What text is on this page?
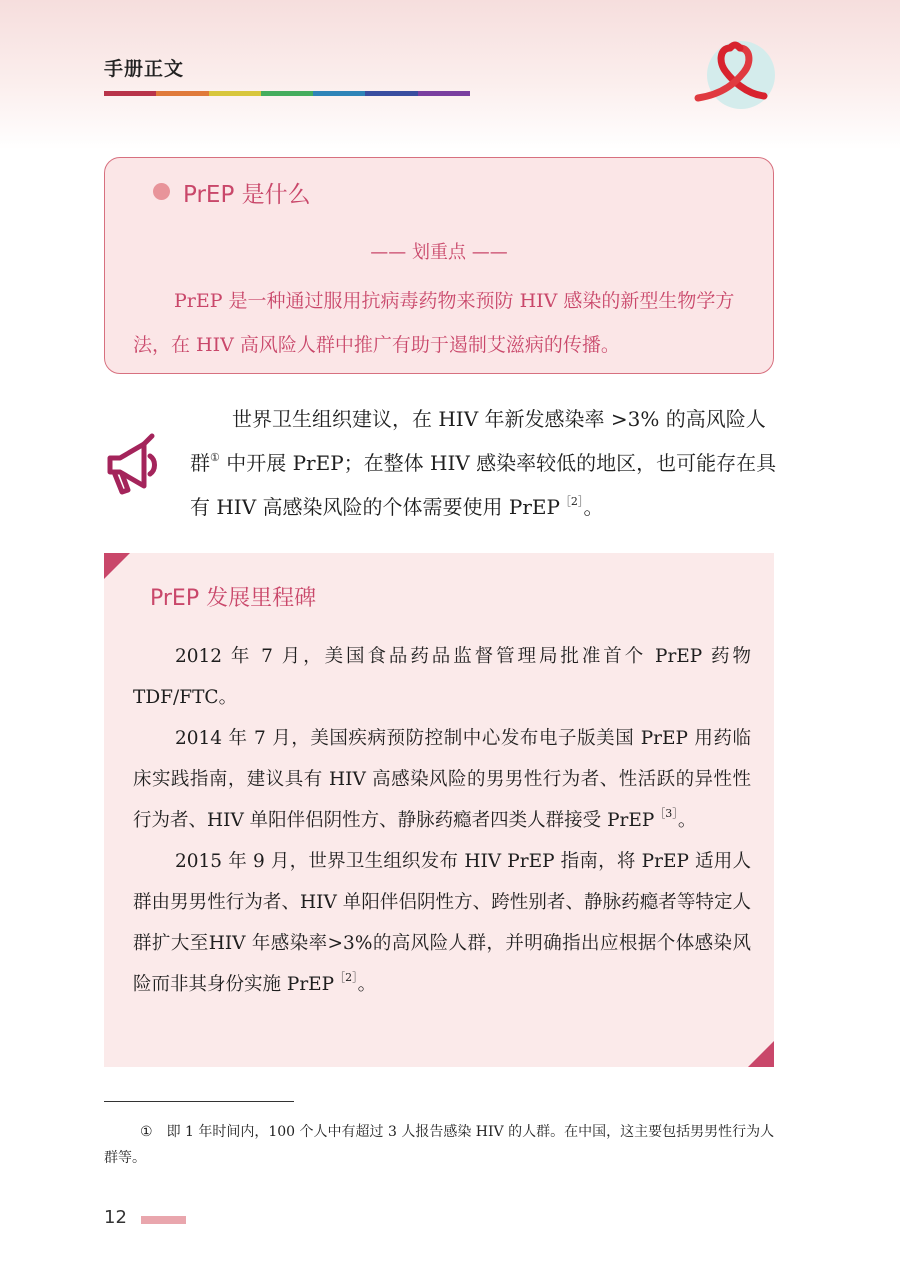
手册正文
PrEP 是什么
—— 划重点 ——
PrEP 是一种通过服用抗病毒药物来预防 HIV 感染的新型生物学方法，在 HIV 高风险人群中推广有助于遏制艾滋病的传播。
世界卫生组织建议，在 HIV 年新发感染率 >3% 的高风险人群① 中开展 PrEP；在整体 HIV 感染率较低的地区，也可能存在具有 HIV 高感染风险的个体需要使用 PrEP$^{[2]}$。
PrEP 发展里程碑

2012 年 7 月，美国食品药品监督管理局批准首个 PrEP 药物 TDF/FTC。

2014 年 7 月，美国疾病预防控制中心发布电子版美国 PrEP 用药临床实践指南，建议具有 HIV 高感染风险的男男性行为者、性活跃的异性性行为者、HIV 单阳伴侣阴性方、静脉药瘾者四类人群接受 PrEP$^{[3]}$。

2015 年 9 月，世界卫生组织发布 HIV PrEP 指南，将 PrEP 适用人群由男男性行为者、HIV 单阳伴侣阴性方、跨性别者、静脉药瘾者等特定人群扩大至HIV 年感染率>3%的高风险人群，并明确指出应根据个体感染风险而非其身份实施 PrEP$^{[2]}$。

① 即 1 年时间内，100 个人中有超过 3 人报告感染 HIV 的人群。在中国，这主要包括男男性行为人群等。
12
